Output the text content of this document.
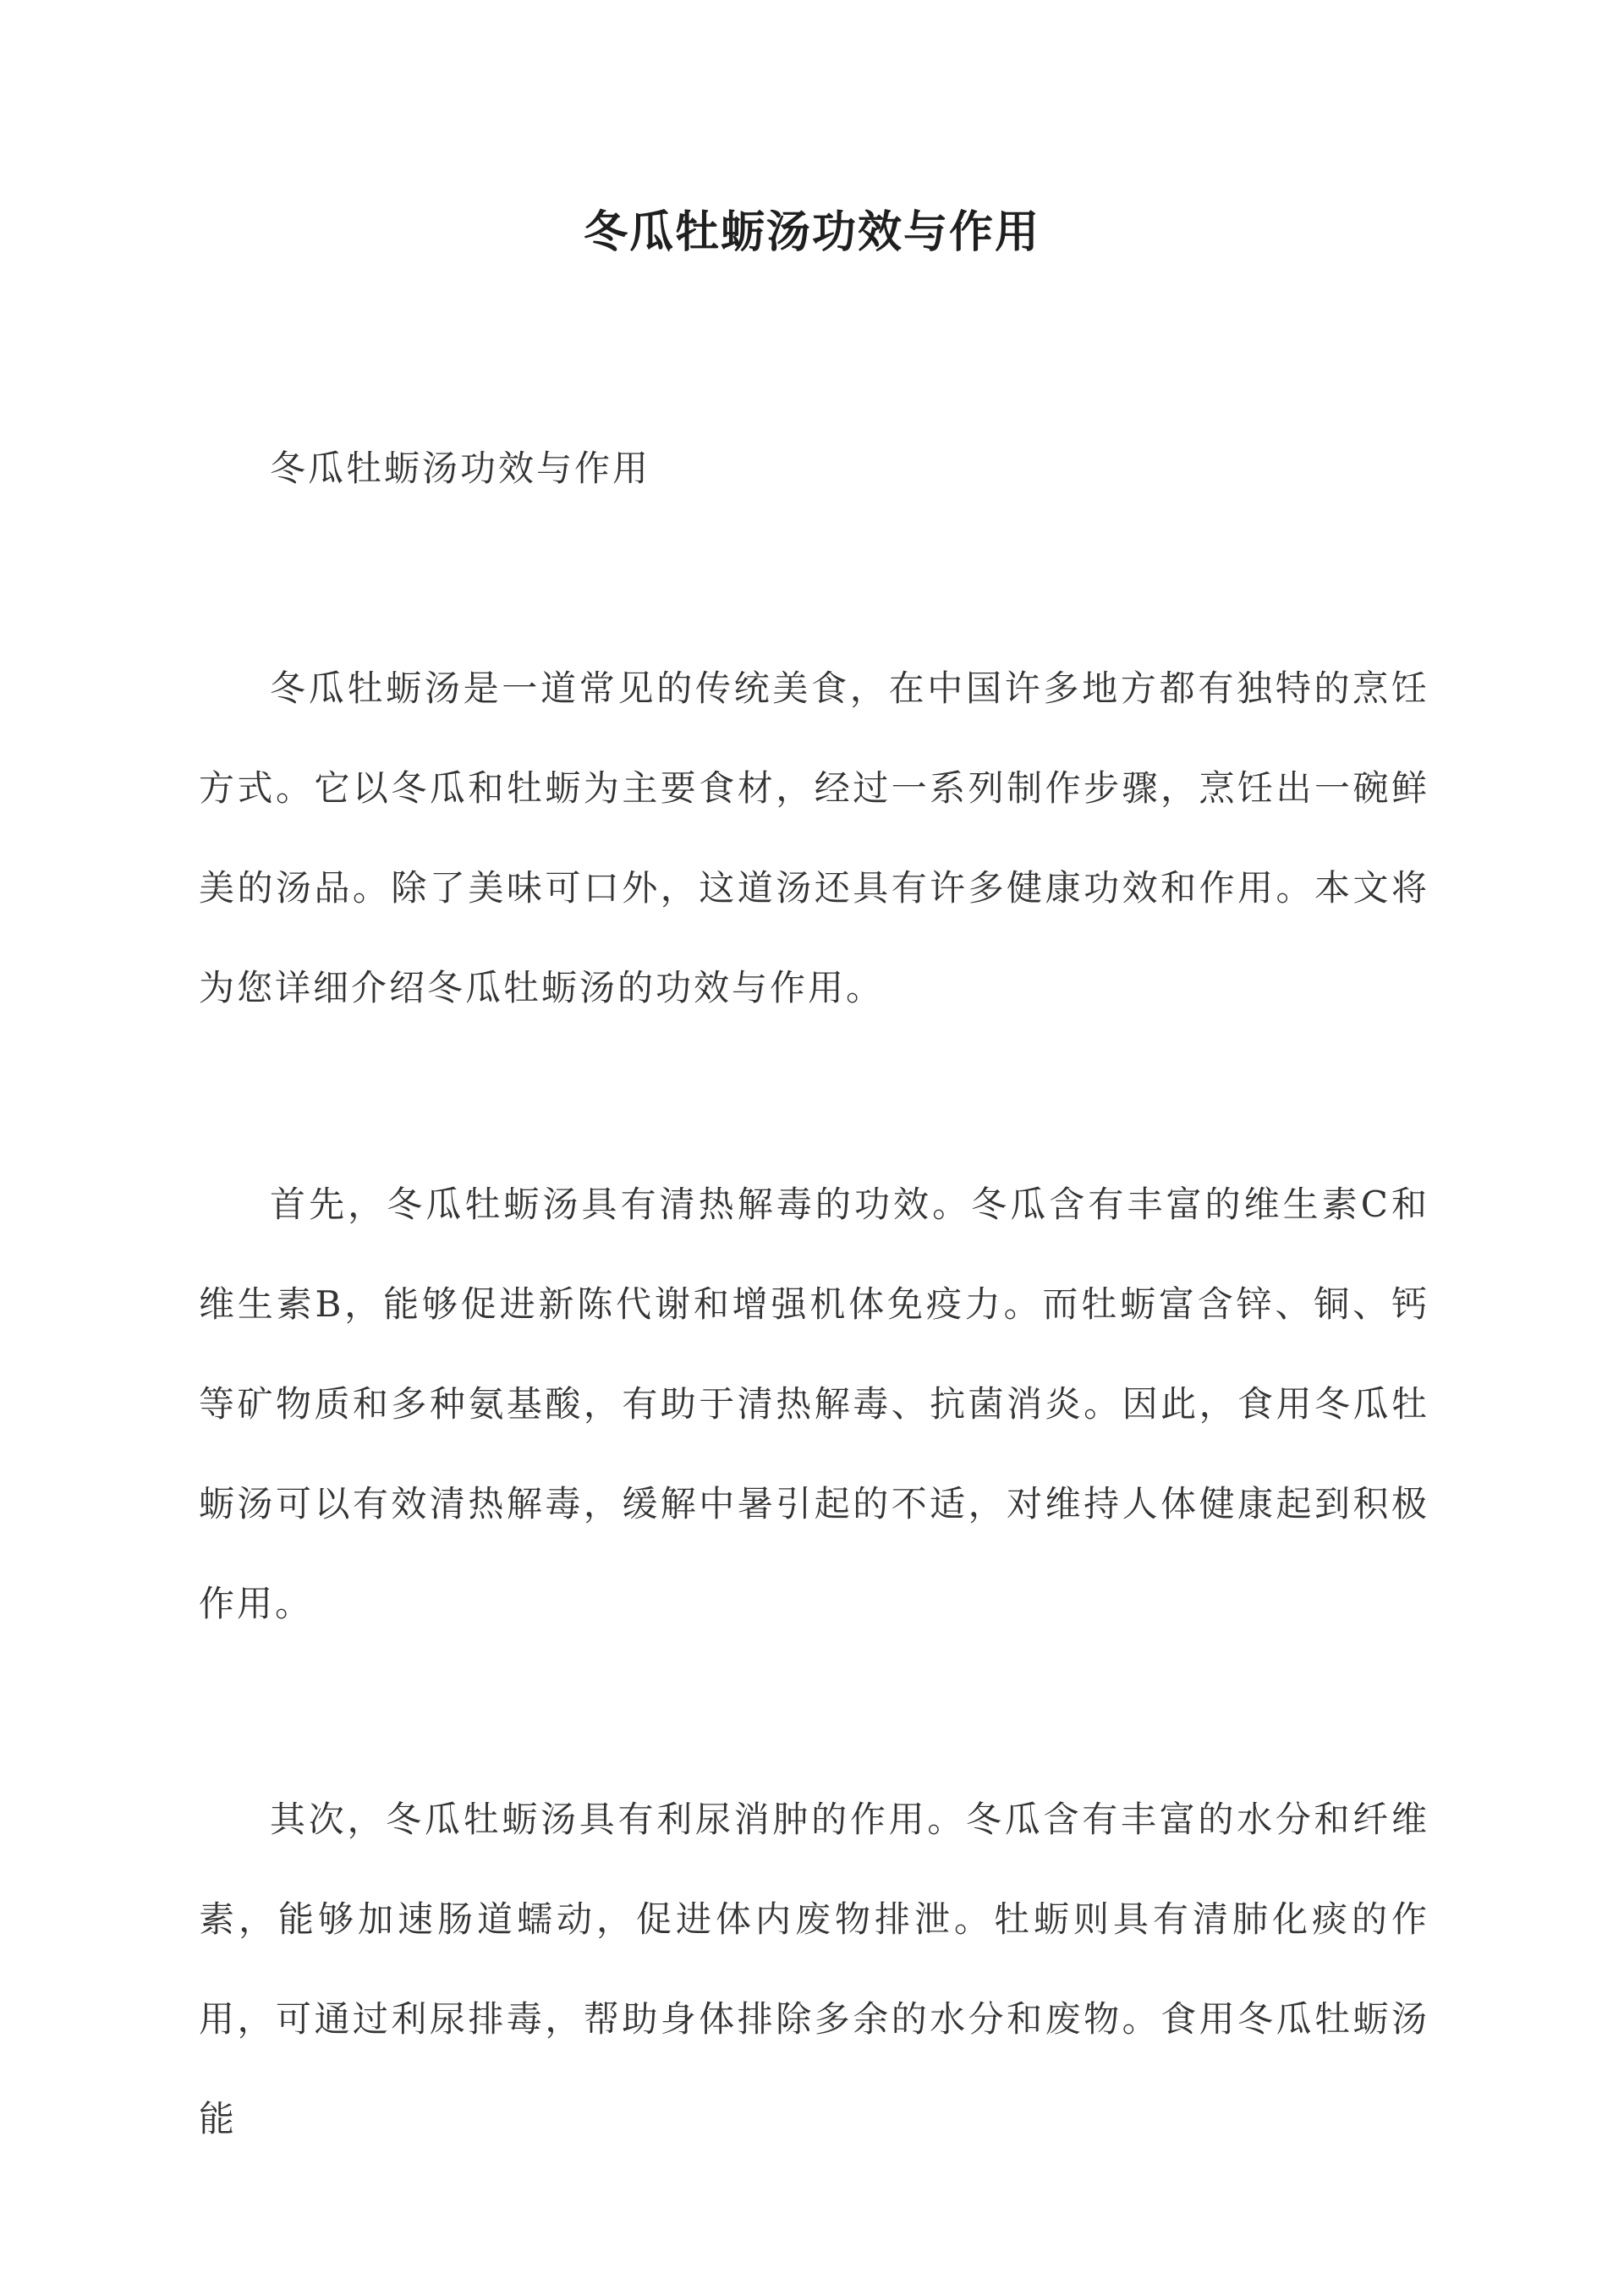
冬瓜牡蛎汤功效与作用

冬瓜牡蛎汤功效与作用

冬瓜牡蛎汤是一道常见的传统美食，在中国许多地方都有独特的烹饪方式。它以冬瓜和牡蛎为主要食材，经过一系列制作步骤，烹饪出一碗鲜美的汤品。除了美味可口外，这道汤还具有许多健康功效和作用。本文将为您详细介绍冬瓜牡蛎汤的功效与作用。

首先，冬瓜牡蛎汤具有清热解毒的功效。冬瓜含有丰富的维生素C和维生素B，能够促进新陈代谢和增强机体免疫力。而牡蛎富含锌、铜、钙等矿物质和多种氨基酸，有助于清热解毒、抗菌消炎。因此，食用冬瓜牡蛎汤可以有效清热解毒，缓解中暑引起的不适，对维持人体健康起到积极作用。

其次，冬瓜牡蛎汤具有利尿消肿的作用。冬瓜含有丰富的水分和纤维素，能够加速肠道蠕动，促进体内废物排泄。牡蛎则具有清肺化痰的作用，可通过利尿排毒，帮助身体排除多余的水分和废物。食用冬瓜牡蛎汤能
